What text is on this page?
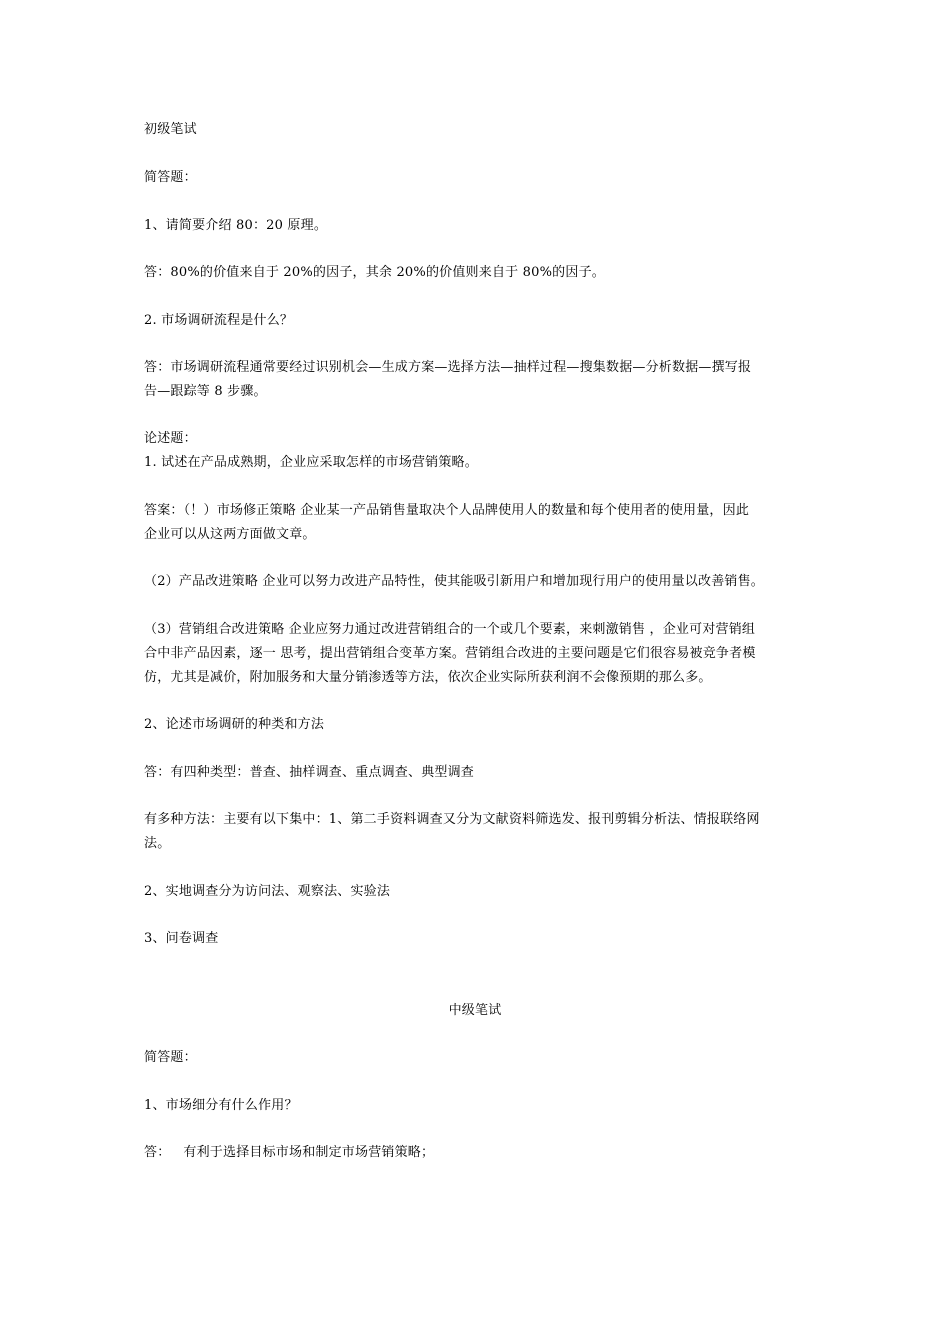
初级笔试
简答题：
1、请简要介绍 80：20 原理。
答：80%的价值来自于 20%的因子，其余 20%的价值则来自于 80%的因子。
2. 市场调研流程是什么？
答：市场调研流程通常要经过识别机会—生成方案—选择方法—抽样过程—搜集数据—分析数据—撰写报
告—跟踪等 8 步骤。
论述题：
1. 试述在产品成熟期，企业应采取怎样的市场营销策略。
答案：（！）市场修正策略 企业某一产品销售量取决个人品牌使用人的数量和每个使用者的使用量，因此
企业可以从这两方面做文章。
（2）产品改进策略 企业可以努力改进产品特性，使其能吸引新用户和增加现行用户的使用量以改善销售。
（3）营销组合改进策略 企业应努力通过改进营销组合的一个或几个要素，来刺激销售 ，企业可对营销组
合中非产品因素，逐一 思考，提出营销组合变革方案。营销组合改进的主要问题是它们很容易被竞争者模
仿，尤其是减价，附加服务和大量分销渗透等方法，依次企业实际所获利润不会像预期的那么多。
2、论述市场调研的种类和方法
答：有四种类型：普查、抽样调查、重点调查、典型调查
有多种方法：主要有以下集中：1、第二手资料调查又分为文献资料筛选发、报刊剪辑分析法、情报联络网
法。
2、实地调查分为访问法、观察法、实验法
3、问卷调查
中级笔试
简答题：
1、市场细分有什么作用？
答：   有利于选择目标市场和制定市场营销策略；
